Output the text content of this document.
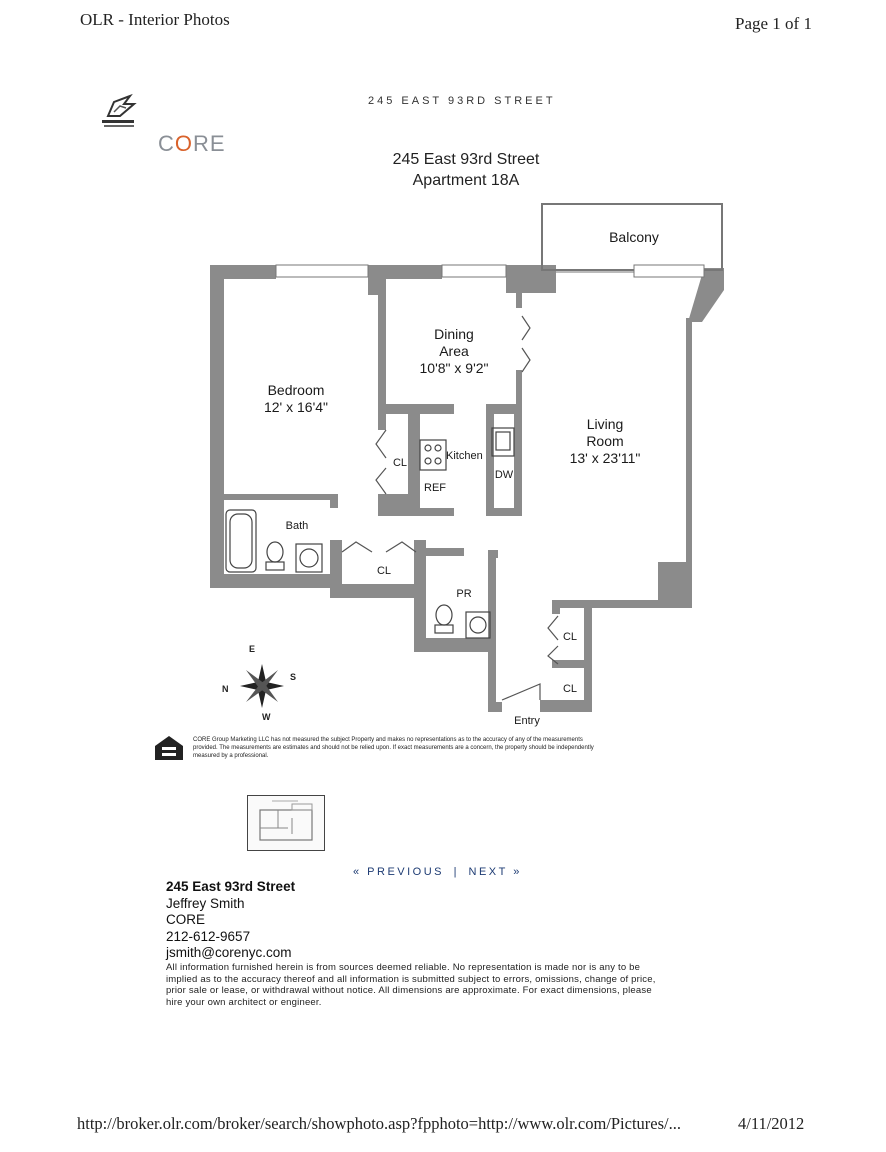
OLR - Interior Photos	Page 1 of 1
CORE
245 EAST 93RD STREET
245 East 93rd Street
Apartment 18A
Balcony
Dining
Area
10'8" x 9'2"
Bedroom
12' x 16'4"
Living
Room
13' x 23'11"
Kitchen
REF
DW
CL
Bath
CL
PR
CL
CL
Entry
E
N
S
W
CORE Group Marketing LLC has not measured the subject Property and makes no representations as to the accuracy of any of the measurements
provided. The measurements are estimates and should not be relied upon. If exact measurements are a concern, the property should be independently
measured by a professional.
« PREVIOUS | NEXT »
245 East 93rd Street
Jeffrey Smith
CORE
212-612-9657
jsmith@corenyc.com
All information furnished herein is from sources deemed reliable. No representation is made nor is any to be
implied as to the accuracy thereof and all information is submitted subject to errors, omissions, change of price,
prior sale or lease, or withdrawal without notice. All dimensions are approximate. For exact dimensions, please
hire your own architect or engineer.
http://broker.olr.com/broker/search/showphoto.asp?fpphoto=http://www.olr.com/Pictures/...	4/11/2012
